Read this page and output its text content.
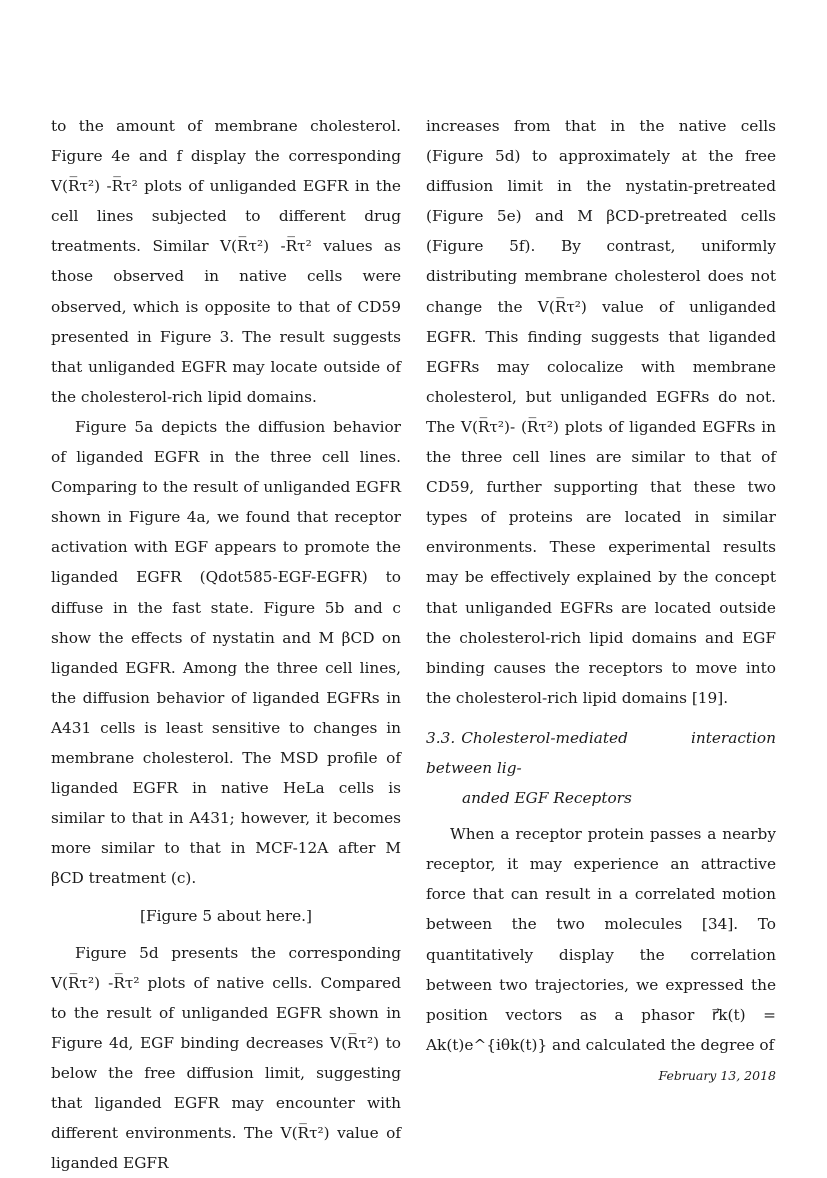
to the amount of membrane cholesterol. Figure 4e and f display the corresponding V(R̅τ²) -R̅τ² plots of unliganded EGFR in the cell lines subjected to different drug treatments. Similar V(R̅τ²) -R̅τ² values as those observed in native cells were observed, which is opposite to that of CD59 presented in Figure 3. The result suggests that unliganded EGFR may locate outside of the cholesterol-rich lipid domains.

Figure 5a depicts the diffusion behavior of liganded EGFR in the three cell lines. Comparing to the result of unliganded EGFR shown in Figure 4a, we found that receptor activation with EGF appears to promote the liganded EGFR (Qdot585-EGF-EGFR) to diffuse in the fast state. Figure 5b and c show the effects of nystatin and M βCD on liganded EGFR. Among the three cell lines, the diffusion behavior of liganded EGFRs in A431 cells is least sensitive to changes in membrane cholesterol. The MSD profile of liganded EGFR in native HeLa cells is similar to that in A431; however, it becomes more similar to that in MCF-12A after M βCD treatment (c).

[Figure 5 about here.]

Figure 5d presents the corresponding V(R̅τ²) -R̅τ² plots of native cells. Compared to the result of unliganded EGFR shown in Figure 4d, EGF binding decreases V(R̅τ²) to below the free diffusion limit, suggesting that liganded EGFR may encounter with different environments. The V(R̅τ²) value of liganded EGFR

increases from that in the native cells (Figure 5d) to approximately at the free diffusion limit in the nystatin-pretreated (Figure 5e) and M βCD-pretreated cells (Figure 5f). By contrast, uniformly distributing membrane cholesterol does not change the V(R̅τ²) value of unliganded EGFR. This finding suggests that liganded EGFRs may colocalize with membrane cholesterol, but unliganded EGFRs do not. The V(R̅τ²)- (R̅τ²) plots of liganded EGFRs in the three cell lines are similar to that of CD59, further supporting that these two types of proteins are located in similar environments. These experimental results may be effectively explained by the concept that unliganded EGFRs are located outside the cholesterol-rich lipid domains and EGF binding causes the receptors to move into the cholesterol-rich lipid domains [19].

3.3. Cholesterol-mediated interaction between lig-
anded EGF Receptors

When a receptor protein passes a nearby receptor, it may experience an attractive force that can result in a correlated motion between the two molecules [34]. To quantitatively display the correlation between two trajectories, we expressed the position vectors as a phasor r⃗k(t) = Ak(t)e^{iθk(t)} and calculated the degree of

February 13, 2018
